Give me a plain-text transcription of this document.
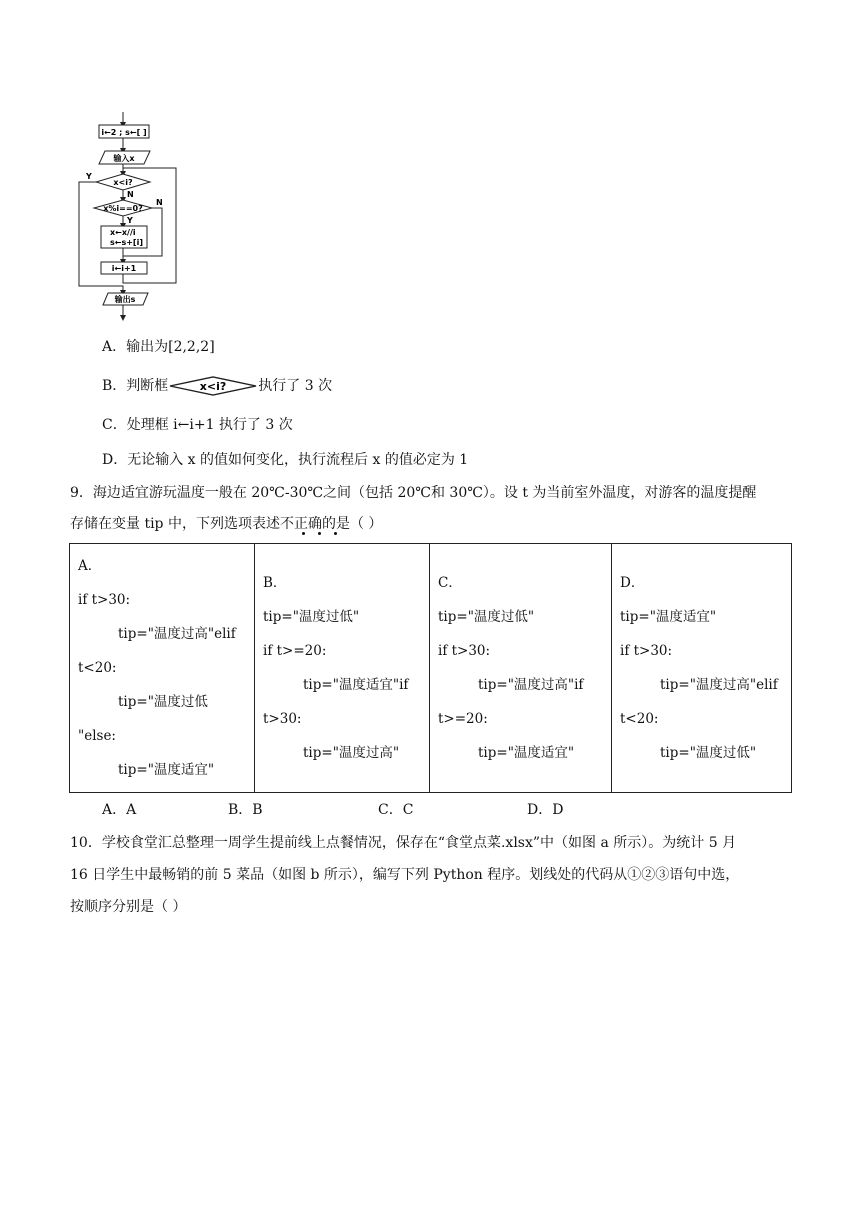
i←2 ; s←[ ]
输入x
x<i?
x%i==0?
x←x//i
s←s+[i]
i←i+1
输出s
Y
N
Y
N
A．输出为[2,2,2]
B．判断框	x<i? 执行了 3 次
C．处理框 i←i+1 执行了 3 次
D．无论输入 x 的值如何变化，执行流程后 x 的值必定为 1
9．海边适宜游玩温度一般在 20℃-30℃之间（包括 20℃和 30℃）。设 t 为当前室外温度，对游客的温度提醒
存储在变量 tip 中，下列选项表述不正确的是（ ）
A．
if t>30:
tip="温度过高"elif
t<20:
tip="温度过低
"else:
tip="温度适宜"

B．
tip="温度过低"
if t>=20:
tip="温度适宜"if
t>30:
tip="温度过高"

C．
tip="温度过低"
if t>30:
tip="温度过高"if
t>=20:
tip="温度适宜"

D．
tip="温度适宜"
if t>30:
tip="温度过高"elif
t<20:
tip="温度过低"
A．A	B．B	C．C	D．D
10．学校食堂汇总整理一周学生提前线上点餐情况，保存在“食堂点菜.xlsx”中（如图 a 所示）。为统计 5 月
16 日学生中最畅销的前 5 菜品（如图 b 所示），编写下列 Python 程序。划线处的代码从①②③语句中选，
按顺序分别是（ ）
